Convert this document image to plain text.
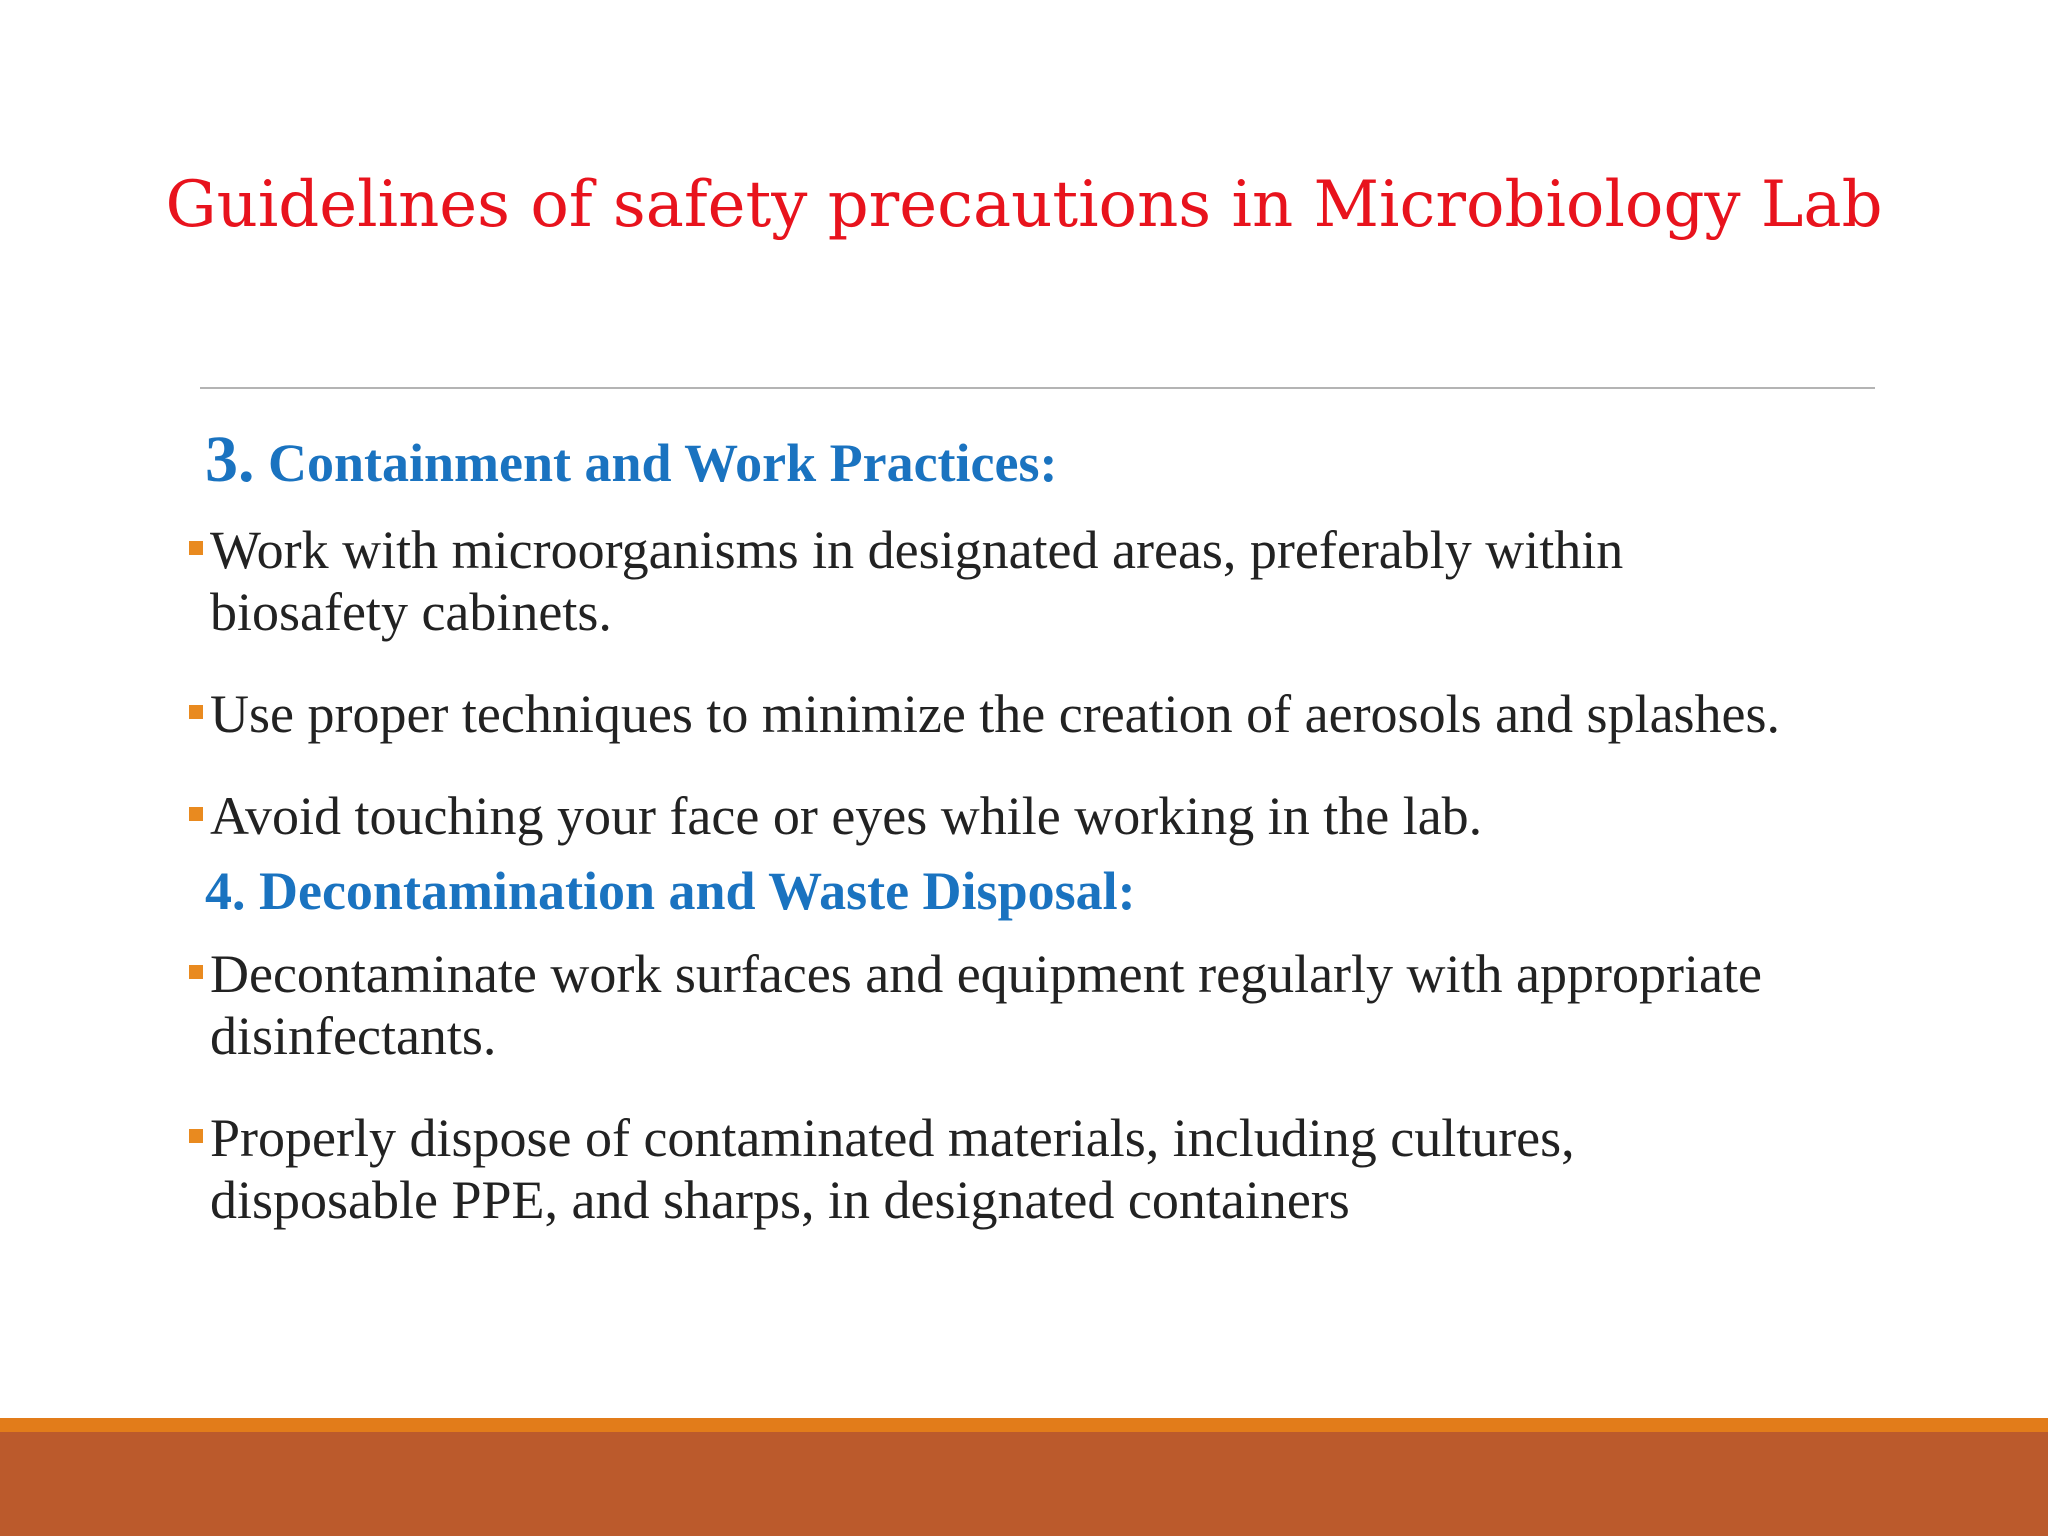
Guidelines of safety precautions in Microbiology Lab
3. Containment and Work Practices:
Work with microorganisms in designated areas, preferably within
biosafety cabinets.
Use proper techniques to minimize the creation of aerosols and splashes.
Avoid touching your face or eyes while working in the lab.
4. Decontamination and Waste Disposal:
Decontaminate work surfaces and equipment regularly with appropriate
disinfectants.
Properly dispose of contaminated materials, including cultures,
disposable PPE, and sharps, in designated containers
